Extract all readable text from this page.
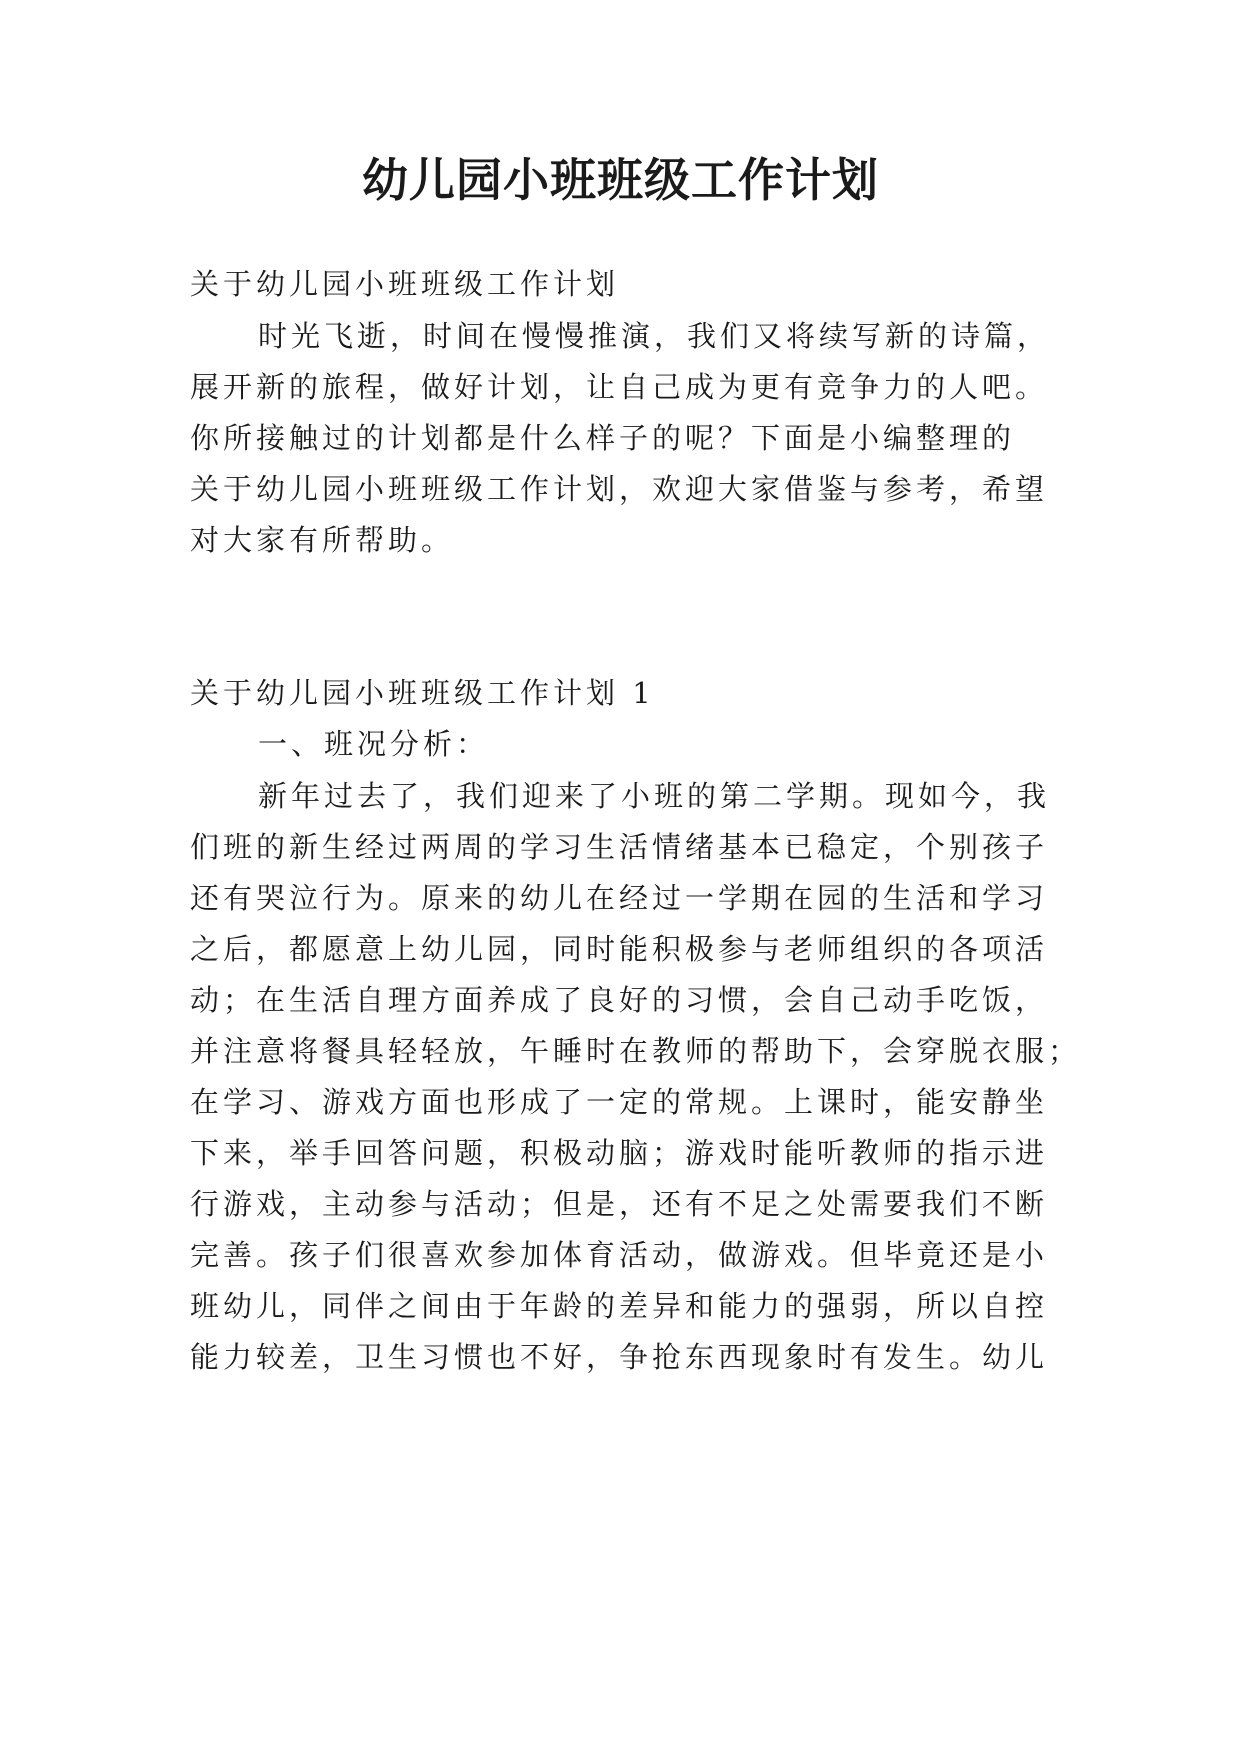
幼儿园小班班级工作计划

关于幼儿园小班班级工作计划

时光飞逝，时间在慢慢推演，我们又将续写新的诗篇，

展开新的旅程，做好计划，让自己成为更有竞争力的人吧。

你所接触过的计划都是什么样子的呢？下面是小编整理的

关于幼儿园小班班级工作计划，欢迎大家借鉴与参考，希望

对大家有所帮助。

关于幼儿园小班班级工作计划 1

一、班况分析：

新年过去了，我们迎来了小班的第二学期。现如今，我

们班的新生经过两周的学习生活情绪基本已稳定，个别孩子

还有哭泣行为。原来的幼儿在经过一学期在园的生活和学习

之后，都愿意上幼儿园，同时能积极参与老师组织的各项活

动；在生活自理方面养成了良好的习惯，会自己动手吃饭，

并注意将餐具轻轻放，午睡时在教师的帮助下，会穿脱衣服；

在学习、游戏方面也形成了一定的常规。上课时，能安静坐

下来，举手回答问题，积极动脑；游戏时能听教师的指示进

行游戏，主动参与活动；但是，还有不足之处需要我们不断

完善。孩子们很喜欢参加体育活动，做游戏。但毕竟还是小

班幼儿，同伴之间由于年龄的差异和能力的强弱，所以自控

能力较差，卫生习惯也不好，争抢东西现象时有发生。幼儿
